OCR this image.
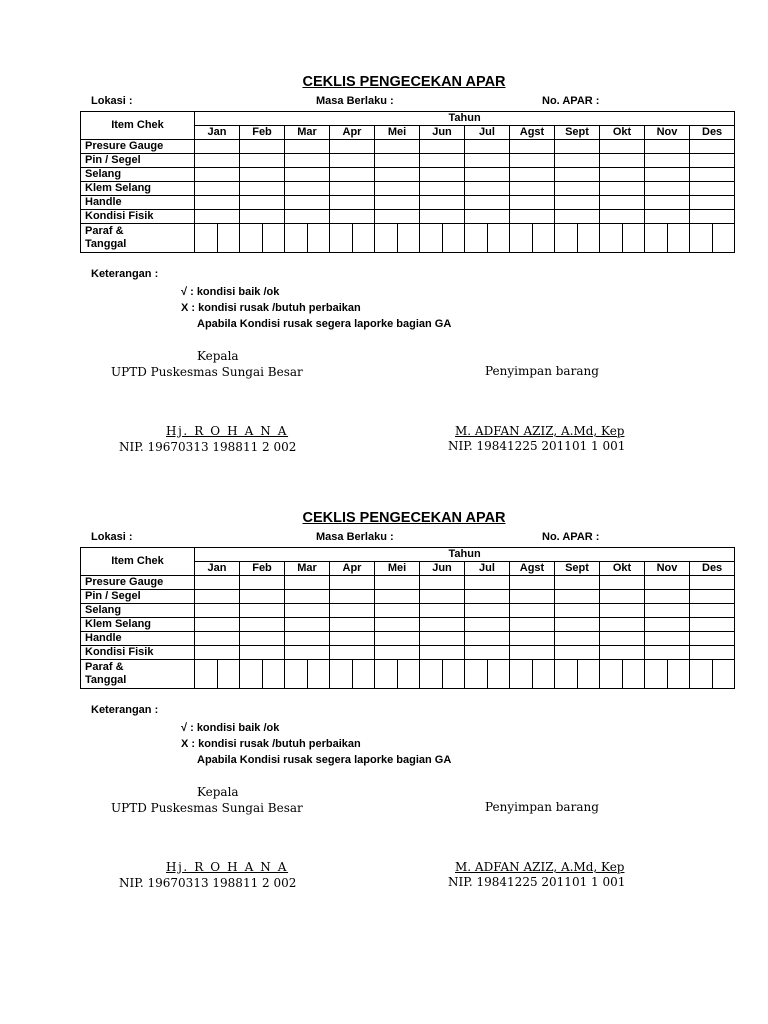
CEKLIS PENGECEKAN APAR
Lokasi :	Masa Berlaku :	No. APAR :
Item Chek	Tahun																							
	Jan		Feb		Mar		Apr		Mei		Jun		Jul		Agst		Sept		Okt		Nov		Des	
Presure Gauge																								
Pin / Segel																								
Selang																								
Klem Selang																								
Handle																								
Kondisi Fisik																								
Paraf &
Tanggal																								
Keterangan :
√ : kondisi baik /ok
X : kondisi rusak /butuh perbaikan
Apabila Kondisi rusak segera laporke bagian GA
Kepala
UPTD Puskesmas Sungai Besar	Penyimpan barang
Hj. R O H A N A
NIP. 19670313 198811 2 002
M. ADFAN AZIZ, A.Md, Kep
NIP. 19841225 201101 1 001
CEKLIS PENGECEKAN APAR
Lokasi :	Masa Berlaku :	No. APAR :
Item Chek	Tahun																							
	Jan		Feb		Mar		Apr		Mei		Jun		Jul		Agst		Sept		Okt		Nov		Des	
Presure Gauge																								
Pin / Segel																								
Selang																								
Klem Selang																								
Handle																								
Kondisi Fisik																								
Paraf &
Tanggal																								
Keterangan :
√ : kondisi baik /ok
X : kondisi rusak /butuh perbaikan
Apabila Kondisi rusak segera laporke bagian GA
Kepala
UPTD Puskesmas Sungai Besar	Penyimpan barang
Hj. R O H A N A
NIP. 19670313 198811 2 002
M. ADFAN AZIZ, A.Md, Kep
NIP. 19841225 201101 1 001
